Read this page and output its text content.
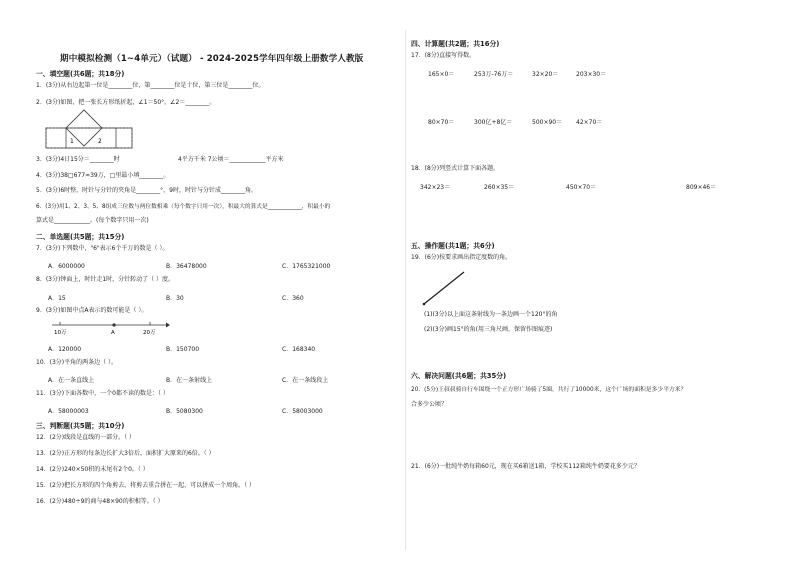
期中模拟检测（1~4单元）（试题） - 2024-2025学年四年级上册数学人教版
一、填空题(共6题；共18分)
1．(3分)从右边起第一位是________位，第________位是十位，第三位是________位。
2．(3分)如图，把一张长方形纸折起，∠1＝50°，∠2＝________。
1	2
3．(3分)4日15分＝________时	4平方千米 7公顷＝____________平方米
4．(3分)38□677≈39万，□里最小填________。
5．(3分)6时整，时针与分针的夹角是________°，9时，时针与分针成________角。
6．(3分)用1、2、3、5、8组成三位数与两位数相乘（每个数字只用一次），积最大的算式是____________，积最小的
算式是____________。(每个数字只用一次)
二、单选题(共5题；共15分)
7．(3分)下列数中，"6"表示6个千万的数是（ ）。
A．6000000	B．36478000	C．1765321000
8．(3分)钟面上，时针走1时，分针转动了（ ）度。
A．15	B．30	C．360
9．(3分)如图中点A表示的数可能是（ ）。
10万	A	20万
A．120000	B．150700	C．168340
10．(3分)平角的两条边（ ）。
A．在一条直线上	B．在一条射线上	C．在一条线段上
11．(3分)下面各数中，一个0都不读的数是：（ ）
A．58000003	B．5080300	C．58003000
三、判断题(共5题；共10分)
12．(2分)线段是直线的一部分。（ ）
13．(2分)正方形的每条边长扩大3倍后，面积扩大原来的6倍。（ ）
14．(2分)240×50积的末尾有2个0。（ ）
15．(2分)把长方形的四个角剪去，将剪去重合拼在一起，可以拼成一个周角。（ ）
16．(2分)480÷9的商与48×90的积相等。（ ）
四、计算题(共2题；共16分)
17．(8分)直接写得数。
165×0＝	253万-76万＝	32×20＝	203×30＝
80×70＝	300亿+8亿＝	500×90＝ 42×70＝
18．(8分)列竖式计算下面各题。
342×23＝	260×35＝	450×70＝	809×46＝
五、操作题(共1题；共6分)
19．(6分)按要求画出指定度数的角。
(1)(3分)以上面这条射线为一条边画一个120°的角
(2)(3分)画15°的角(用三角尺画，保留作图痕迹)
六、解决问题(共6题；共35分)
20．(5分)王叔叔骑自行车围绕一个正方形广场骑了5圈，共行了10000米，这个广场的面积是多少平方米？
合多少公顷？
21．(6分)一批纯牛奶每箱60元，现在买6箱送1箱，学校买112箱纯牛奶要花多少元？
